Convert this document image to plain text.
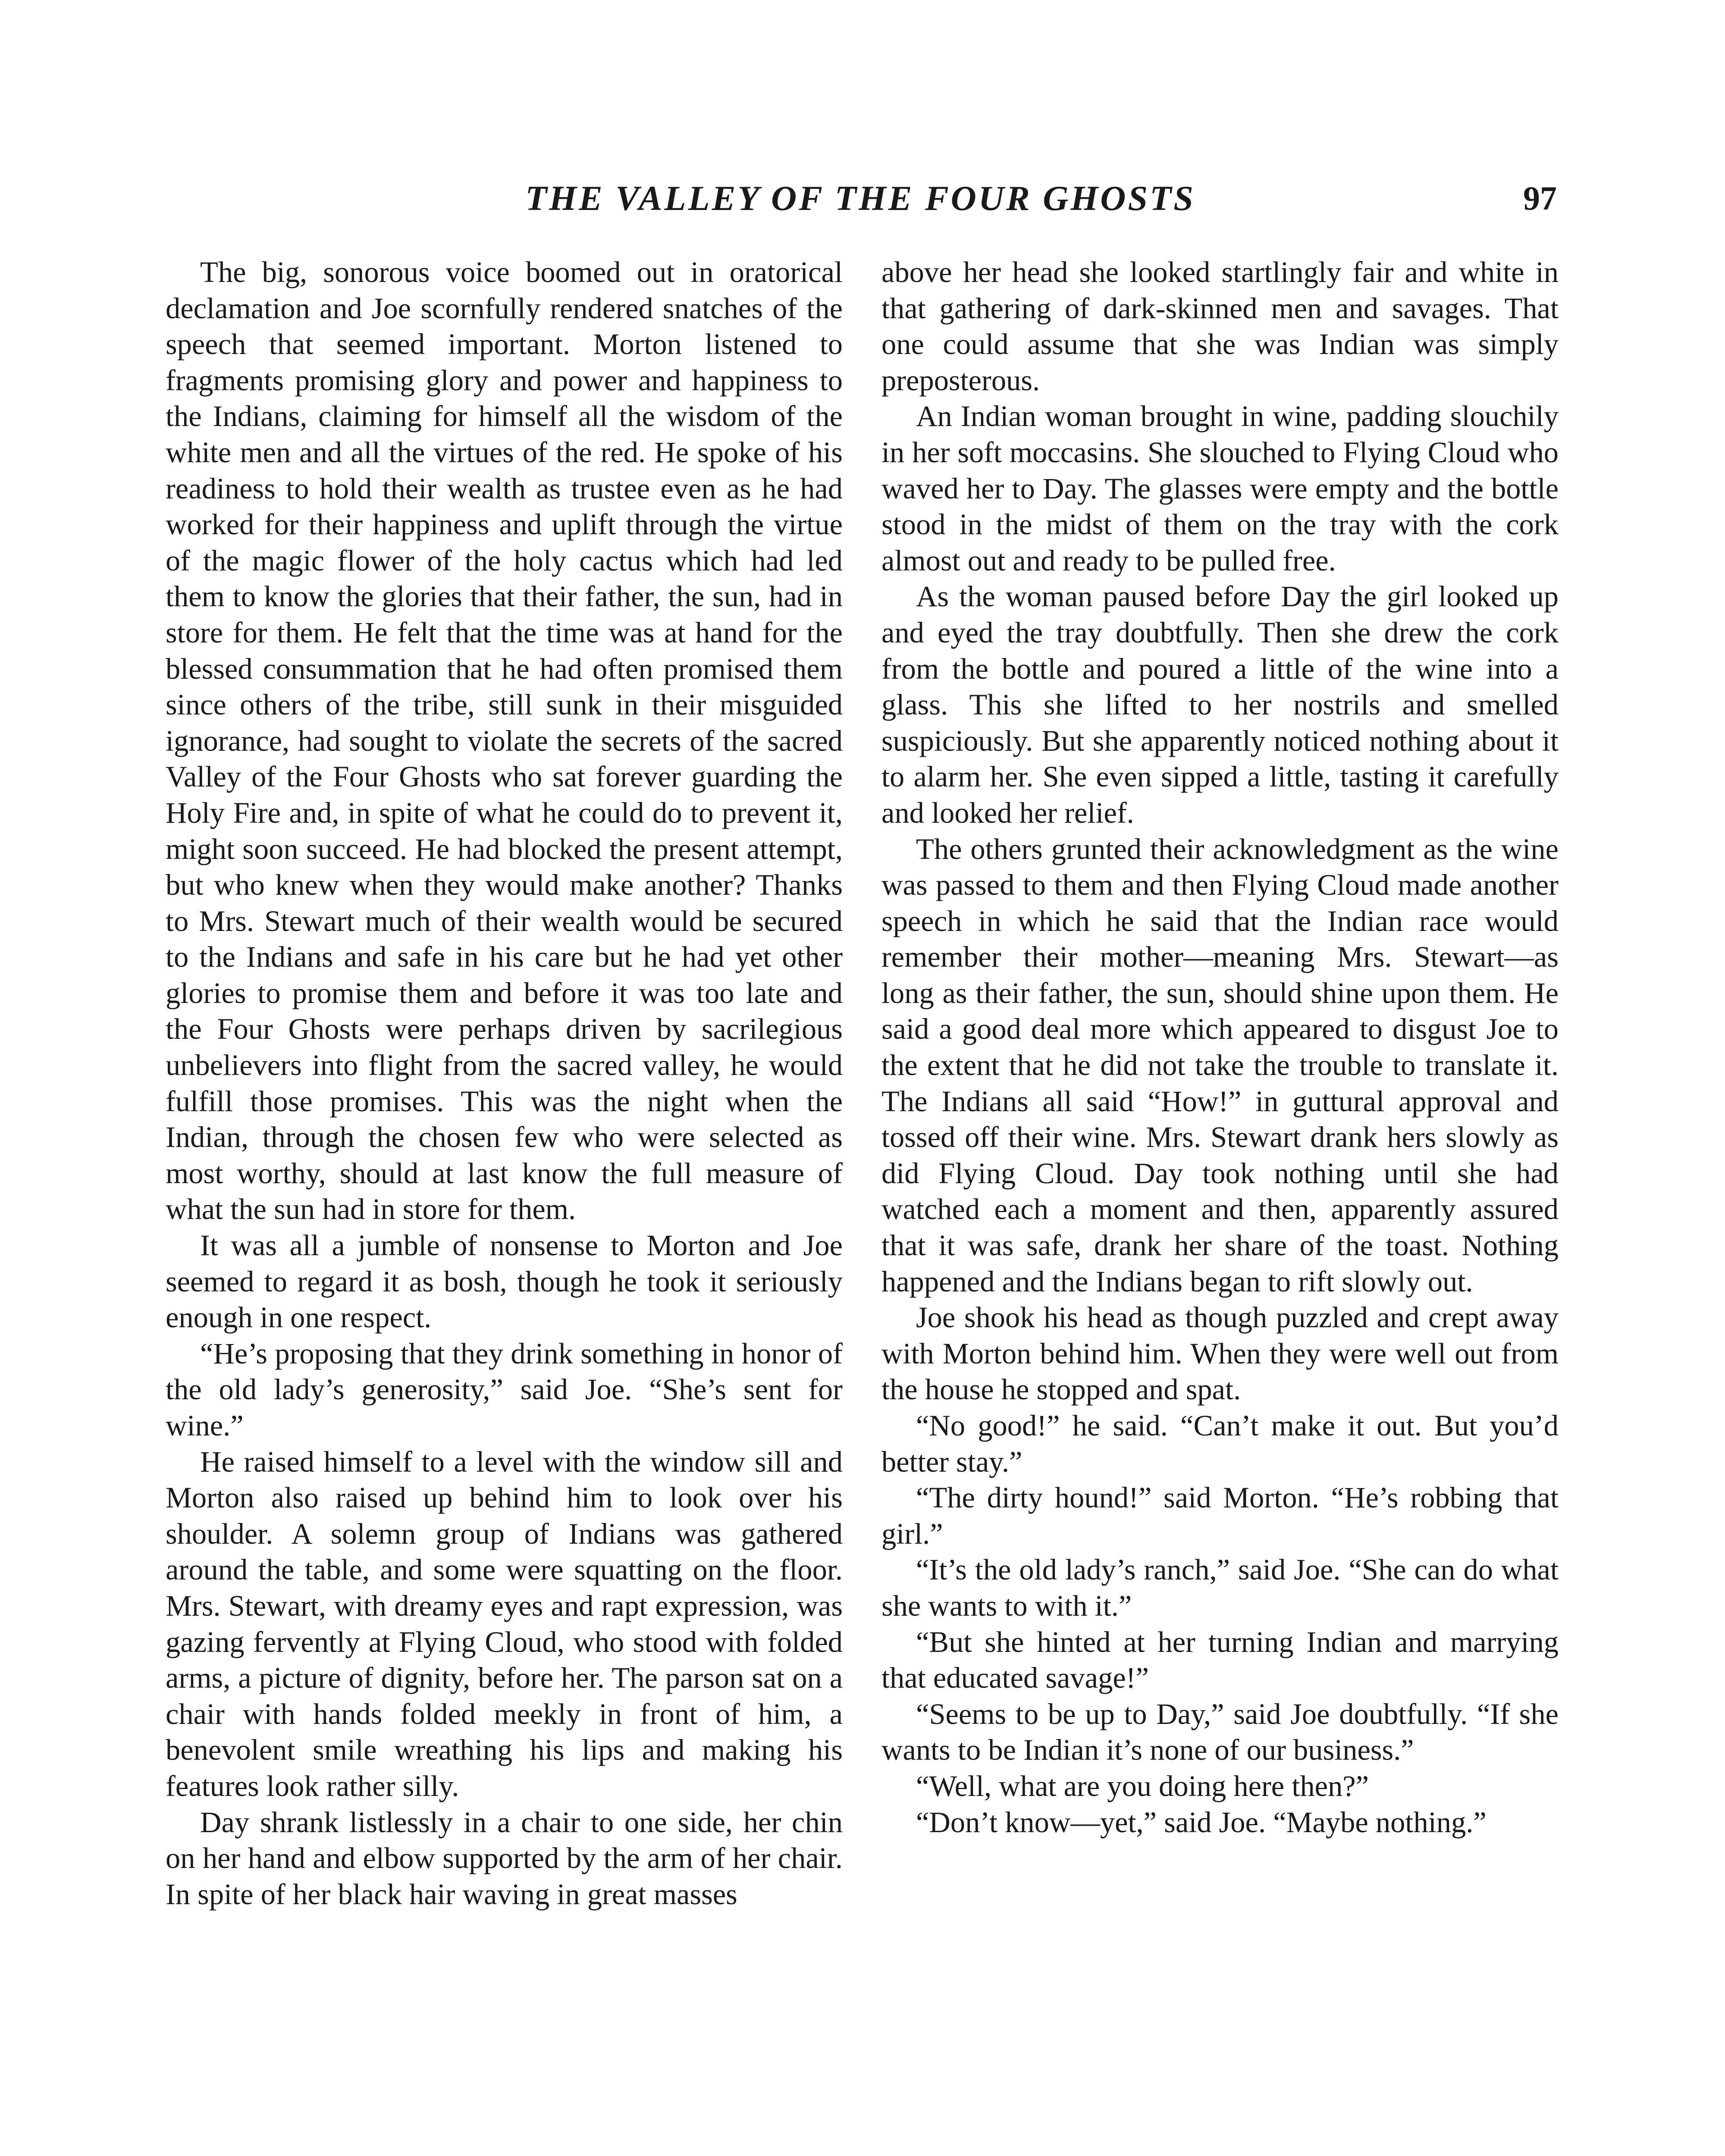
THE VALLEY OF THE FOUR GHOSTS	97

The big, sonorous voice boomed out in oratorical declamation and Joe scornfully rendered snatches of the speech that seemed important. Morton listened to fragments promising glory and power and happiness to the Indians, claiming for himself all the wisdom of the white men and all the virtues of the red. He spoke of his readiness to hold their wealth as trustee even as he had worked for their happiness and uplift through the virtue of the magic flower of the holy cactus which had led them to know the glories that their father, the sun, had in store for them. He felt that the time was at hand for the blessed consummation that he had often promised them since others of the tribe, still sunk in their misguided ignorance, had sought to violate the secrets of the sacred Valley of the Four Ghosts who sat forever guarding the Holy Fire and, in spite of what he could do to prevent it, might soon succeed. He had blocked the present attempt, but who knew when they would make another? Thanks to Mrs. Stewart much of their wealth would be secured to the Indians and safe in his care but he had yet other glories to promise them and before it was too late and the Four Ghosts were perhaps driven by sacrilegious unbelievers into flight from the sacred valley, he would fulfill those promises. This was the night when the Indian, through the chosen few who were selected as most worthy, should at last know the full measure of what the sun had in store for them.

It was all a jumble of nonsense to Morton and Joe seemed to regard it as bosh, though he took it seriously enough in one respect.

“He’s proposing that they drink something in honor of the old lady’s generosity,” said Joe. “She’s sent for wine.”

He raised himself to a level with the window sill and Morton also raised up behind him to look over his shoulder. A solemn group of Indians was gathered around the table, and some were squatting on the floor. Mrs. Stewart, with dreamy eyes and rapt expression, was gazing fervently at Flying Cloud, who stood with folded arms, a picture of dignity, before her. The parson sat on a chair with hands folded meekly in front of him, a benevolent smile wreathing his lips and making his features look rather silly.

Day shrank listlessly in a chair to one side, her chin on her hand and elbow supported by the arm of her chair. In spite of her black hair waving in great masses

above her head she looked startlingly fair and white in that gathering of dark-skinned men and savages. That one could assume that she was Indian was simply preposterous.

An Indian woman brought in wine, padding slouchily in her soft moccasins. She slouched to Flying Cloud who waved her to Day. The glasses were empty and the bottle stood in the midst of them on the tray with the cork almost out and ready to be pulled free.

As the woman paused before Day the girl looked up and eyed the tray doubtfully. Then she drew the cork from the bottle and poured a little of the wine into a glass. This she lifted to her nostrils and smelled suspiciously. But she apparently noticed nothing about it to alarm her. She even sipped a little, tasting it carefully and looked her relief.

The others grunted their acknowledgment as the wine was passed to them and then Flying Cloud made another speech in which he said that the Indian race would remember their mother—meaning Mrs. Stewart—as long as their father, the sun, should shine upon them. He said a good deal more which appeared to disgust Joe to the extent that he did not take the trouble to translate it. The Indians all said “How!” in guttural approval and tossed off their wine. Mrs. Stewart drank hers slowly as did Flying Cloud. Day took nothing until she had watched each a moment and then, apparently assured that it was safe, drank her share of the toast. Nothing happened and the Indians began to rift slowly out.

Joe shook his head as though puzzled and crept away with Morton behind him. When they were well out from the house he stopped and spat.

“No good!” he said. “Can’t make it out. But you’d better stay.”

“The dirty hound!” said Morton. “He’s robbing that girl.”

“It’s the old lady’s ranch,” said Joe. “She can do what she wants to with it.”

“But she hinted at her turning Indian and marrying that educated savage!”

“Seems to be up to Day,” said Joe doubtfully. “If she wants to be Indian it’s none of our business.”

“Well, what are you doing here then?”

“Don’t know—yet,” said Joe. “Maybe nothing.”
